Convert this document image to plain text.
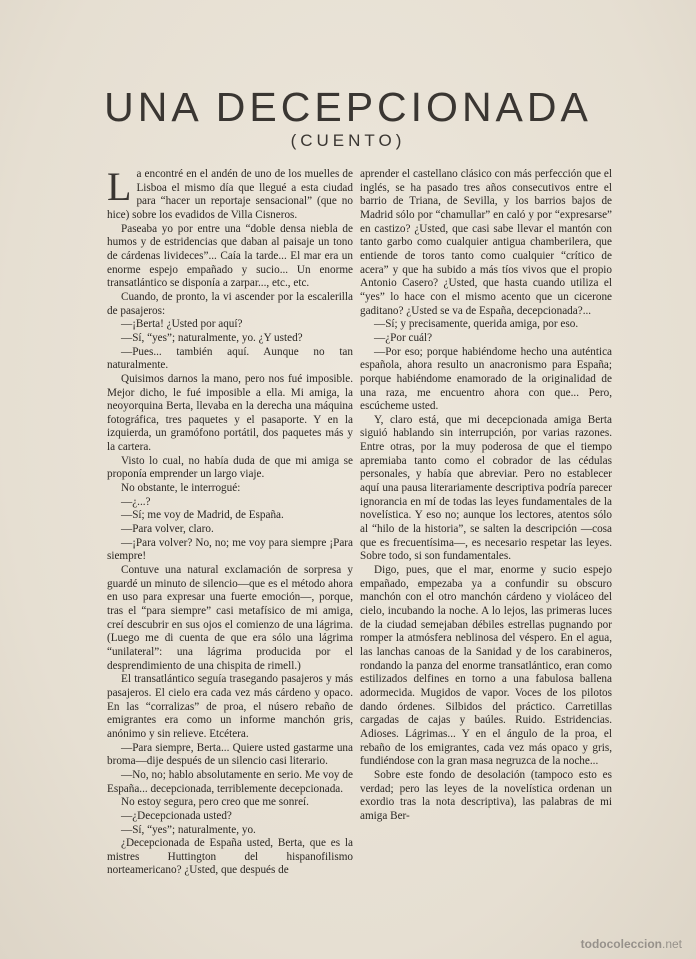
UNA DECEPCIONADA
(CUENTO)

La encontré en el andén de uno de los muelles de Lisboa el mismo día que llegué a esta ciudad para “hacer un reportaje sensacional” (que no hice) sobre los evadidos de Villa Cisneros.

Paseaba yo por entre una “doble densa niebla de humos y de estridencias que daban al paisaje un tono de cárdenas livideces”... Caía la tarde... El mar era un enorme espejo empañado y sucio... Un enorme transatlántico se disponía a zarpar..., etc., etc.

Cuando, de pronto, la vi ascender por la escalerilla de pasajeros:

—¡Berta! ¿Usted por aquí?

—Sí, “yes”; naturalmente, yo. ¿Y usted?

—Pues... también aquí. Aunque no tan naturalmente.

Quisimos darnos la mano, pero nos fué imposible. Mejor dicho, le fué imposible a ella. Mi amiga, la neoyorquina Berta, llevaba en la derecha una máquina fotográfica, tres paquetes y el pasaporte. Y en la izquierda, un gramófono portátil, dos paquetes más y la cartera.

Visto lo cual, no había duda de que mi amiga se proponía emprender un largo viaje.

No obstante, le interrogué:

—¿...?

—Sí; me voy de Madrid, de España.

—Para volver, claro.

—¡Para volver? No, no; me voy para siempre ¡Para siempre!

Contuve una natural exclamación de sorpresa y guardé un minuto de silencio—que es el método ahora en uso para expresar una fuerte emoción—, porque, tras el “para siempre” casi metafísico de mi amiga, creí descubrir en sus ojos el comienzo de una lágrima. (Luego me di cuenta de que era sólo una lágrima “unilateral”: una lágrima producida por el desprendimiento de una chispita de rimell.)

El transatlántico seguía trasegando pasajeros y más pasajeros. El cielo era cada vez más cárdeno y opaco. En las “corralizas” de proa, el núsero rebaño de emigrantes era como un informe manchón gris, anónimo y sin relieve. Etcétera.

—Para siempre, Berta... Quiere usted gastarme una broma—dije después de un silencio casi literario.

—No, no; hablo absolutamente en serio. Me voy de España... decepcionada, terriblemente decepcionada.

No estoy segura, pero creo que me sonreí.

—¿Decepcionada usted?

—Sí, “yes”; naturalmente, yo.

¿Decepcionada de España usted, Berta, que es la mistres Huttington del hispanofilismo norteamericano? ¿Usted, que después de

aprender el castellano clásico con más perfección que el inglés, se ha pasado tres años consecutivos entre el barrio de Triana, de Sevilla, y los barrios bajos de Madrid sólo por “chamullar” en caló y por “expresarse” en castizo? ¿Usted, que casi sabe llevar el mantón con tanto garbo como cualquier antigua chamberilera, que entiende de toros tanto como cualquier “crítico de acera” y que ha subido a más tíos vivos que el propio Antonio Casero? ¿Usted, que hasta cuando utiliza el “yes” lo hace con el mismo acento que un cicerone gaditano? ¿Usted se va de España, decepcionada?...

—Sí; y precisamente, querida amiga, por eso.

—¿Por cuál?

—Por eso; porque habiéndome hecho una auténtica española, ahora resulto un anacronismo para España; porque habiéndome enamorado de la originalidad de una raza, me encuentro ahora con que... Pero, escúcheme usted.

Y, claro está, que mi decepcionada amiga Berta siguió hablando sin interrupción, por varias razones. Entre otras, por la muy poderosa de que el tiempo apremiaba tanto como el cobrador de las cédulas personales, y había que abreviar. Pero no establecer aquí una pausa literariamente descriptiva podría parecer ignorancia en mí de todas las leyes fundamentales de la novelística. Y eso no; aunque los lectores, atentos sólo al “hilo de la historia”, se salten la descripción —cosa que es frecuentísima—, es necesario respetar las leyes. Sobre todo, si son fundamentales.

Digo, pues, que el mar, enorme y sucio espejo empañado, empezaba ya a confundir su obscuro manchón con el otro manchón cárdeno y violáceo del cielo, incubando la noche. A lo lejos, las primeras luces de la ciudad semejaban débiles estrellas pugnando por romper la atmósfera neblinosa del véspero. En el agua, las lanchas canoas de la Sanidad y de los carabineros, rondando la panza del enorme transatlántico, eran como estilizados delfines en torno a una fabulosa ballena adormecida. Mugidos de vapor. Voces de los pilotos dando órdenes. Silbidos del práctico. Carretillas cargadas de cajas y baúles. Ruido. Estridencias. Adioses. Lágrimas... Y en el ángulo de la proa, el rebaño de los emigrantes, cada vez más opaco y gris, fundiéndose con la gran masa negruzca de la noche...

Sobre este fondo de desolación (tampoco esto es verdad; pero las leyes de la novelística ordenan un exordio tras la nota descriptiva), las palabras de mi amiga Ber-

todocoleccion.net
